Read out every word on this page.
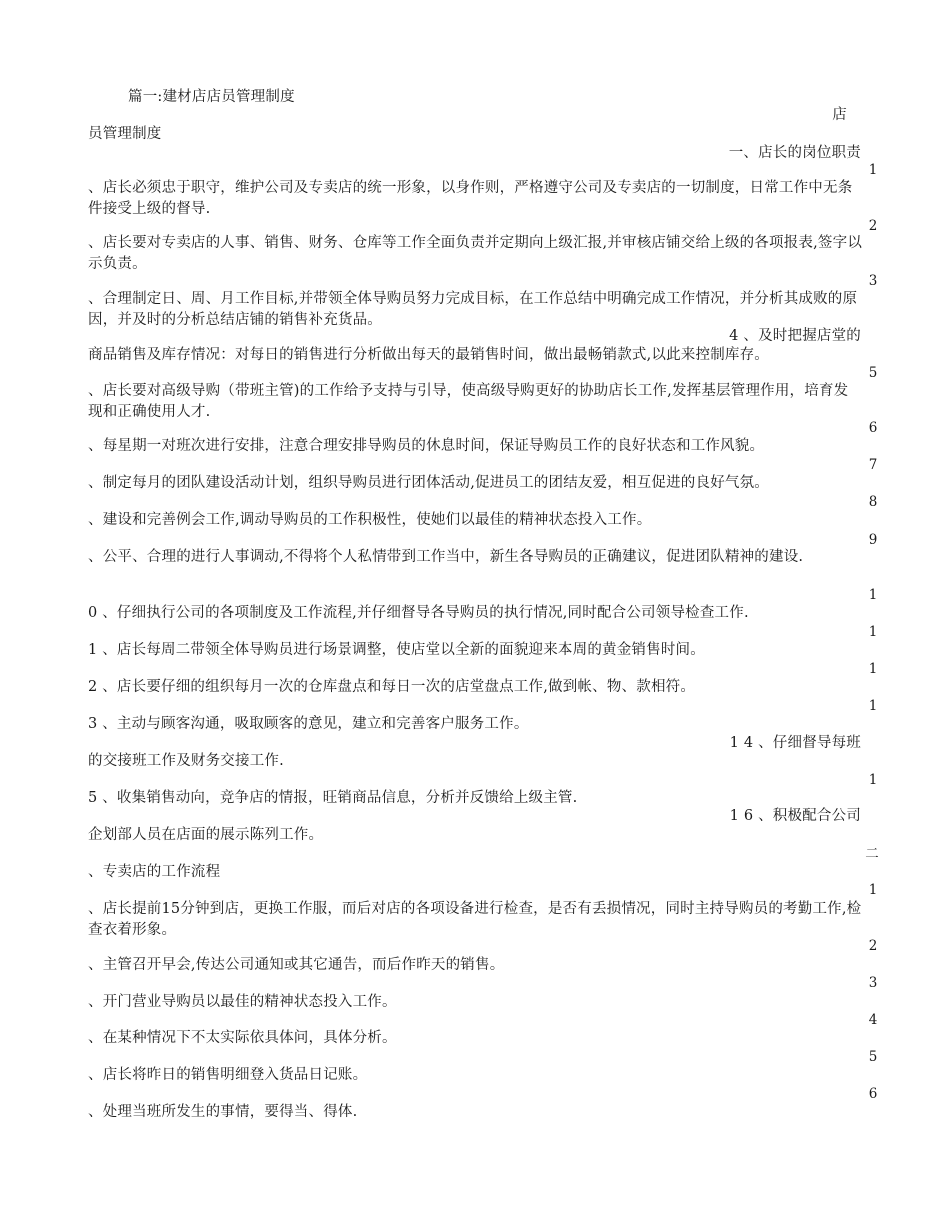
篇一:建材店店员管理制度
店
员管理制度
一、店长的岗位职责
1
、店长必须忠于职守，维护公司及专卖店的统一形象，以身作则，严格遵守公司及专卖店的一切制度，日常工作中无条件接受上级的督导.
2
、店长要对专卖店的人事、销售、财务、仓库等工作全面负责并定期向上级汇报,并审核店铺交给上级的各项报表,签字以示负责。
3
、合理制定日、周、月工作目标,并带领全体导购员努力完成目标，在工作总结中明确完成工作情况，并分析其成败的原因，并及时的分析总结店铺的销售补充货品。
4 、及时把握店堂的
商品销售及库存情况：对每日的销售进行分析做出每天的最销售时间，做出最畅销款式,以此来控制库存。
5
、店长要对高级导购（带班主管)的工作给予支持与引导，使高级导购更好的协助店长工作,发挥基层管理作用，培育发现和正确使用人才.
6
、每星期一对班次进行安排，注意合理安排导购员的休息时间，保证导购员工作的良好状态和工作风貌。
7
、制定每月的团队建设活动计划，组织导购员进行团体活动,促进员工的团结友爱，相互促进的良好气氛。
8
、建设和完善例会工作,调动导购员的工作积极性，使她们以最佳的精神状态投入工作。
9
、公平、合理的进行人事调动,不得将个人私情带到工作当中，新生各导购员的正确建议，促进团队精神的建设.
1
0 、仔细执行公司的各项制度及工作流程,并仔细督导各导购员的执行情况,同时配合公司领导检查工作.
1
1 、店长每周二带领全体导购员进行场景调整，使店堂以全新的面貌迎来本周的黄金销售时间。
1
2 、店长要仔细的组织每月一次的仓库盘点和每日一次的店堂盘点工作,做到帐、物、款相符。
1
3 、主动与顾客沟通，吸取顾客的意见，建立和完善客户服务工作。
1 4 、仔细督导每班
的交接班工作及财务交接工作.
1
5 、收集销售动向，竞争店的情报，旺销商品信息，分析并反馈给上级主管.
1 6 、积极配合公司
企划部人员在店面的展示陈列工作。
二
、专卖店的工作流程
1
、店长提前15分钟到店，更换工作服，而后对店的各项设备进行检查，是否有丢损情况，同时主持导购员的考勤工作,检查衣着形象。
2
、主管召开早会,传达公司通知或其它通告，而后作昨天的销售。
3
、开门营业导购员以最佳的精神状态投入工作。
4
、在某种情况下不太实际依具体问，具体分析。
5
、店长将昨日的销售明细登入货品日记账。
6
、处理当班所发生的事情，要得当、得体.
